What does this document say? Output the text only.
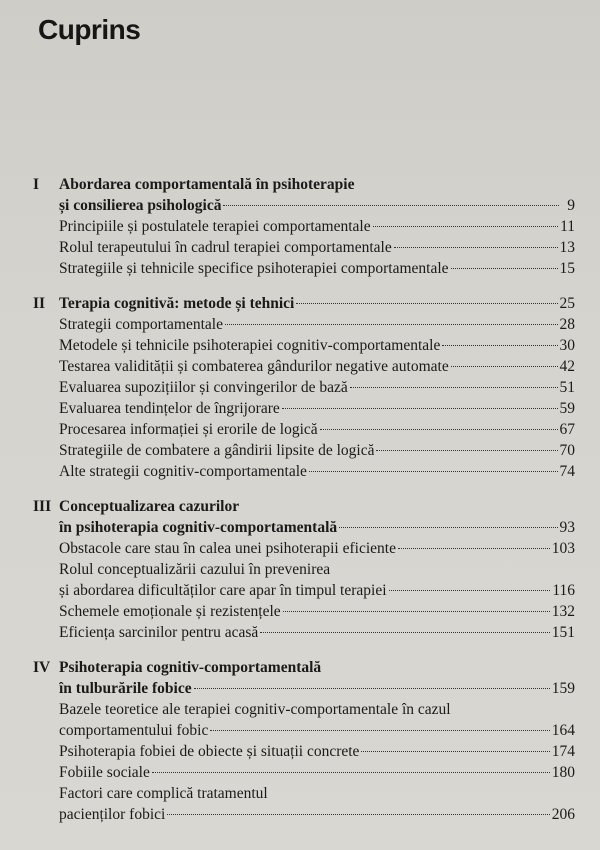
Cuprins
I	Abordarea comportamentală în psihoterapie
și consilierea psihologică	9
Principiile și postulatele terapiei comportamentale	11
Rolul terapeutului în cadrul terapiei comportamentale	13
Strategiile și tehnicile specifice psihoterapiei comportamentale	15
II Terapia cognitivă: metode și tehnici	25
Strategii comportamentale	28
Metodele și tehnicile psihoterapiei cognitiv-comportamentale	30
Testarea validității și combaterea gândurilor negative automate	42
Evaluarea supozițiilor și convingerilor de bază	51
Evaluarea tendințelor de îngrijorare	59
Procesarea informației și erorile de logică	67
Strategiile de combatere a gândirii lipsite de logică	70
Alte strategii cognitiv-comportamentale	74
III Conceptualizarea cazurilor
în psihoterapia cognitiv-comportamentală	93
Obstacole care stau în calea unei psihoterapii eficiente	103
Rolul conceptualizării cazului în prevenirea
și abordarea dificultăților care apar în timpul terapiei	116
Schemele emoționale și rezistențele	132
Eficiența sarcinilor pentru acasă	151
IV Psihoterapia cognitiv-comportamentală
în tulburările fobice	159
Bazele teoretice ale terapiei cognitiv-comportamentale în cazul
comportamentului fobic	164
Psihoterapia fobiei de obiecte și situații concrete	174
Fobiile sociale	180
Factori care complică tratamentul
pacienților fobici	206
